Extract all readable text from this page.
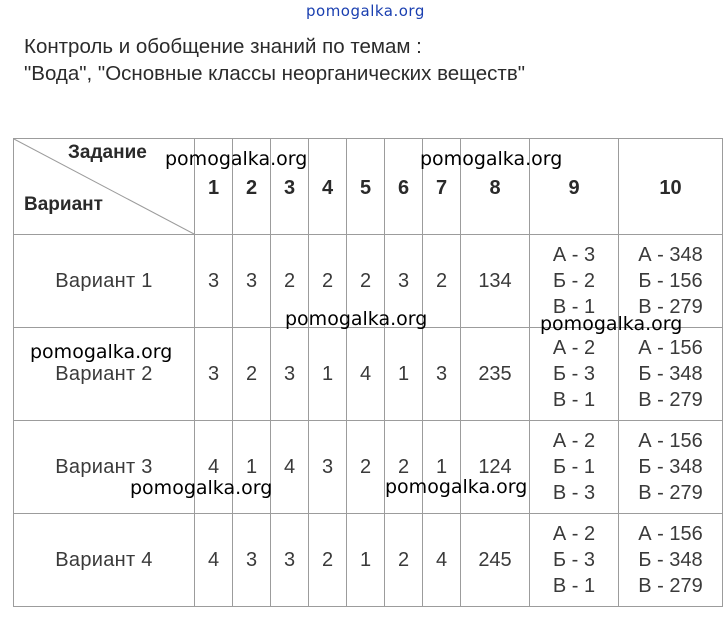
pomogalka.org
Контроль и обобщение знаний по темам :
"Вода", "Основные классы неорганических веществ"
Задание
Вариант	1	2	3	4	5	6	7	8	9	10
Вариант 1	3	3	2	2	2	3	2	134	А - 3
Б - 2
В - 1	А - 348
Б - 156
В - 279

Вариант 2	3	2	3	1	4	1	3	235	А - 2
Б - 3
В - 1	А - 156
Б - 348
В - 279

Вариант 3	4	1	4	3	2	2	1	124	А - 2
Б - 1
В - 3	А - 156
Б - 348
В - 279

Вариант 4	4	3	3	2	1	2	4	245	А - 2
Б - 3
В - 1	А - 156
Б - 348
В - 279
pomogalka.org	pomogalka.org
pomogalka.org	pomogalka.org
pomogalka.org
pomogalka.org	pomogalka.org
